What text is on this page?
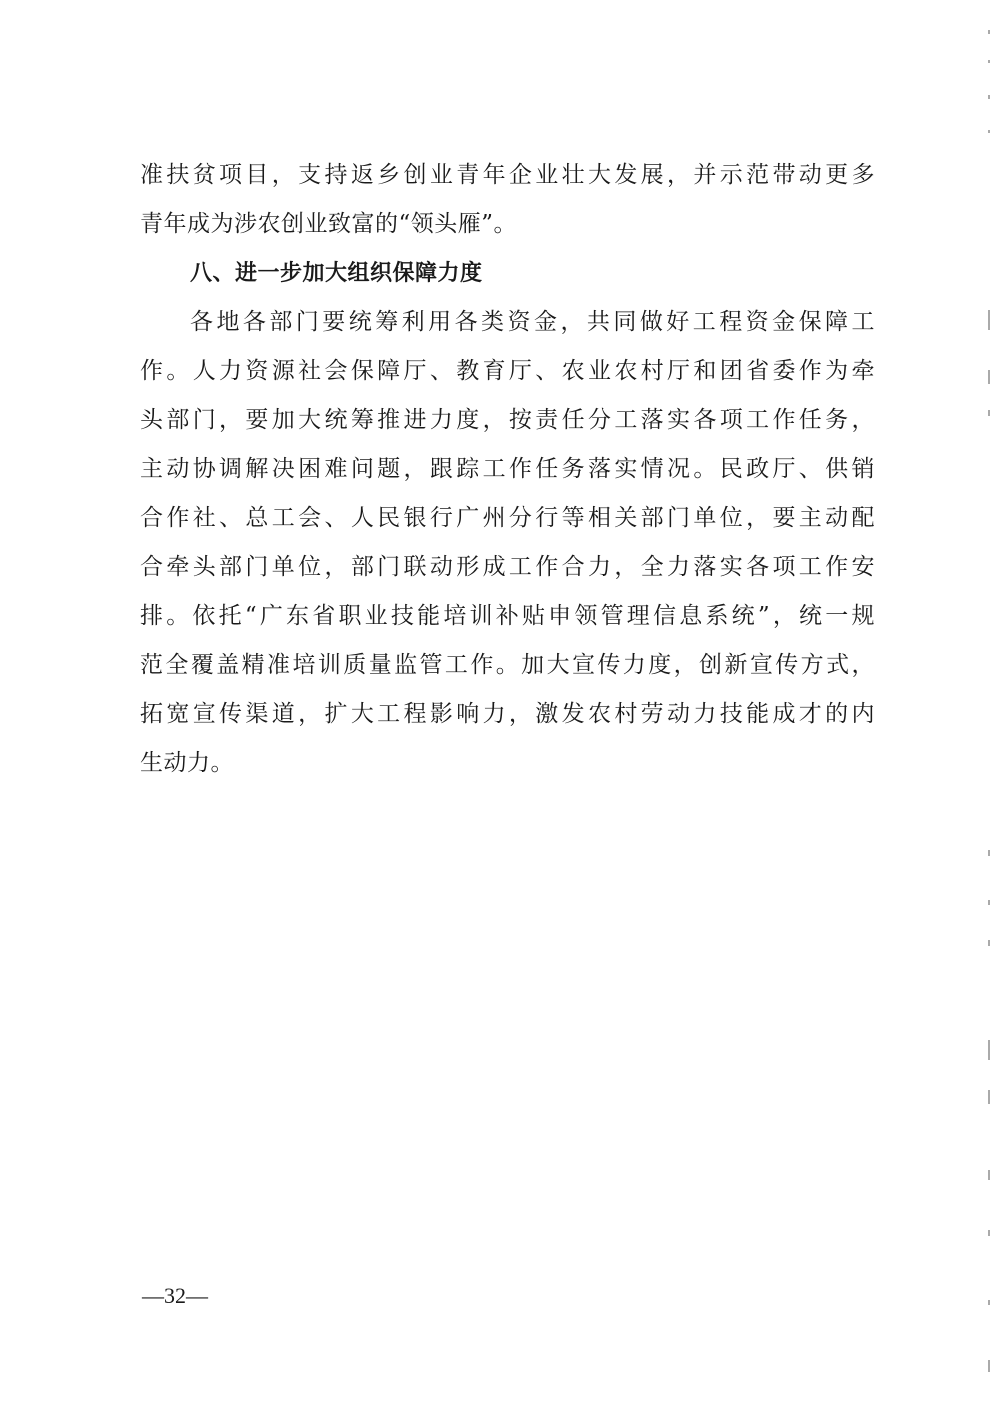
准扶贫项目，支持返乡创业青年企业壮大发展，并示范带动更多
青年成为涉农创业致富的“领头雁”。
八、进一步加大组织保障力度
各地各部门要统筹利用各类资金，共同做好工程资金保障工
作。人力资源社会保障厅、教育厅、农业农村厅和团省委作为牵
头部门，要加大统筹推进力度，按责任分工落实各项工作任务，
主动协调解决困难问题，跟踪工作任务落实情况。民政厅、供销
合作社、总工会、人民银行广州分行等相关部门单位，要主动配
合牵头部门单位，部门联动形成工作合力，全力落实各项工作安
排。依托“广东省职业技能培训补贴申领管理信息系统”，统一规
范全覆盖精准培训质量监管工作。加大宣传力度，创新宣传方式，
拓宽宣传渠道，扩大工程影响力，激发农村劳动力技能成才的内
生动力。
—32—
